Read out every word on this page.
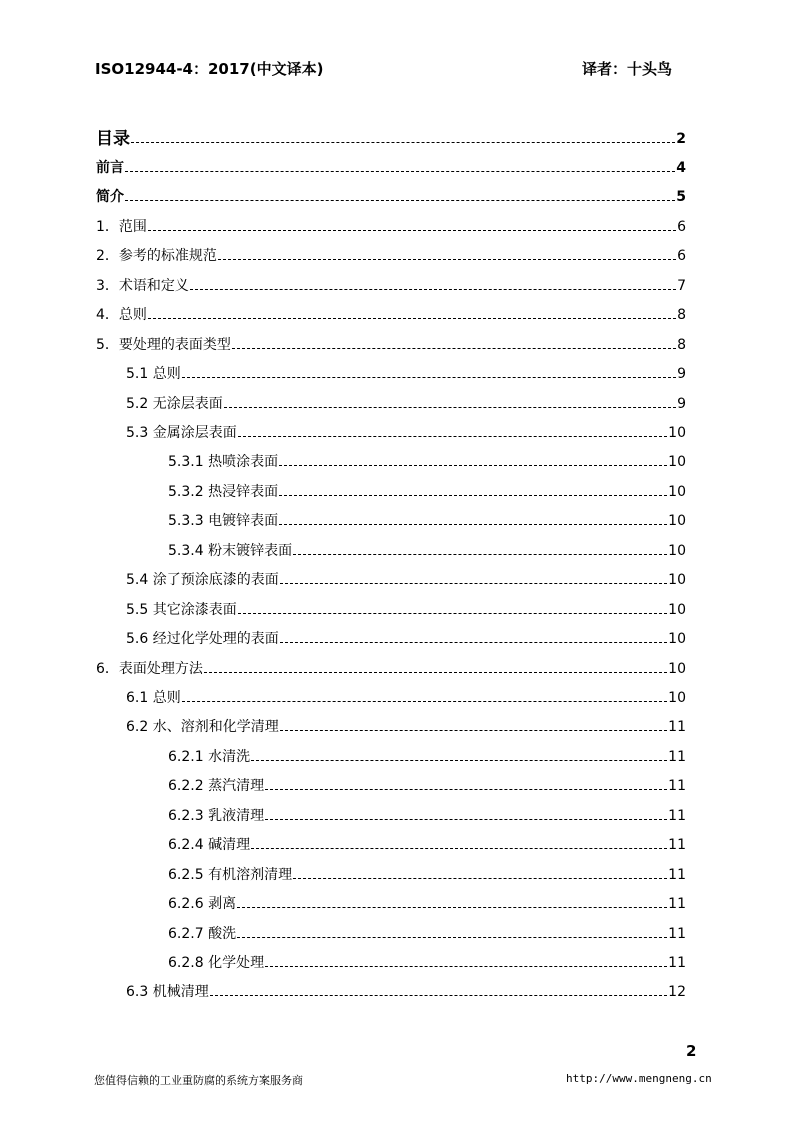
ISO12944-4：2017(中文译本)	译者：十头鸟
目录	2
前言	4
简介	5
1．范围	6
2．参考的标准规范	6
3．术语和定义	7
4．总则	8
5．要处理的表面类型	8
5.1 总则	9
5.2 无涂层表面	9
5.3 金属涂层表面	10
5.3.1 热喷涂表面	10
5.3.2 热浸锌表面	10
5.3.3 电镀锌表面	10
5.3.4 粉末镀锌表面	10
5.4 涂了预涂底漆的表面	10
5.5 其它涂漆表面	10
5.6 经过化学处理的表面	10
6．表面处理方法	10
6.1 总则	10
6.2 水、溶剂和化学清理	11
6.2.1 水清洗	11
6.2.2 蒸汽清理	11
6.2.3 乳液清理	11
6.2.4 碱清理	11
6.2.5 有机溶剂清理	11
6.2.6 剥离	11
6.2.7 酸洗	11
6.2.8 化学处理	11
6.3 机械清理	12
2
您值得信赖的工业重防腐的系统方案服务商	http://www.mengneng.cn
